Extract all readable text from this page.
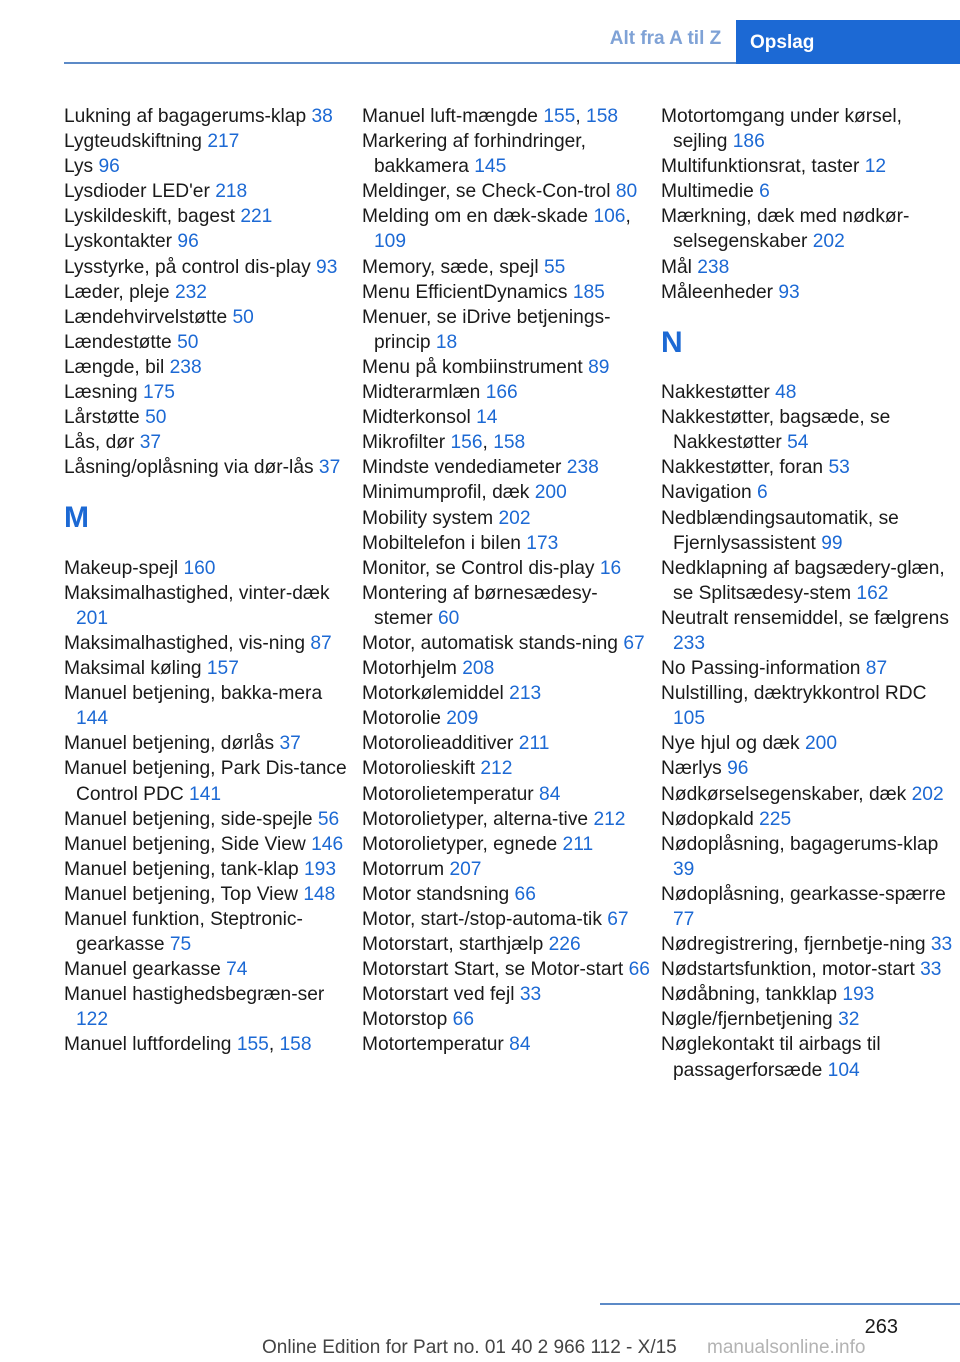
Alt fra A til Z	Opslag
Lukning af bagagerums-klap 38
Lygteudskiftning 217
Lys 96
Lysdioder LED'er 218
Lyskildeskift, bagest 221
Lyskontakter 96
Lysstyrke, på control dis-play 93
Læder, pleje 232
Lændehvirvelstøtte 50
Lændestøtte 50
Længde, bil 238
Læsning 175
Lårstøtte 50
Lås, dør 37
Låsning/oplåsning via dør-lås 37
M
Makeup-spejl 160
Maksimalhastighed, vinter-dæk 201
Maksimalhastighed, vis-ning 87
Maksimal køling 157
Manuel betjening, bakka-mera 144
Manuel betjening, dørlås 37
Manuel betjening, Park Dis-tance Control PDC 141
Manuel betjening, side-spejle 56
Manuel betjening, Side View 146
Manuel betjening, tank-klap 193
Manuel betjening, Top View 148
Manuel funktion, Steptronic-gearkasse 75
Manuel gearkasse 74
Manuel hastighedsbegræn-ser 122
Manuel luftfordeling 155, 158
Manuel luft-mængde 155, 158
Markering af forhindringer, bakkamera 145
Meldinger, se Check-Con-trol 80
Melding om en dæk-skade 106, 109
Memory, sæde, spejl 55
Menu EfficientDynamics 185
Menuer, se iDrive betjenings-princip 18
Menu på kombiinstrument 89
Midterarmlæn 166
Midterkonsol 14
Mikrofilter 156, 158
Mindste vendediameter 238
Minimumprofil, dæk 200
Mobility system 202
Mobiltelefon i bilen 173
Monitor, se Control dis-play 16
Montering af børnesædesy-stemer 60
Motor, automatisk stands-ning 67
Motorhjelm 208
Motorkølemiddel 213
Motorolie 209
Motorolieadditiver 211
Motorolieskift 212
Motorolietemperatur 84
Motorolietyper, alterna-tive 212
Motorolietyper, egnede 211
Motorrum 207
Motor standsning 66
Motor, start-/stop-automa-tik 67
Motorstart, starthjælp 226
Motorstart Start, se Motor-start 66
Motorstart ved fejl 33
Motorstop 66
Motortemperatur 84
Motortomgang under kørsel, sejling 186
Multifunktionsrat, taster 12
Multimedie 6
Mærkning, dæk med nødkør-selsegenskaber 202
Mål 238
Måleenheder 93
N
Nakkestøtter 48
Nakkestøtter, bagsæde, se Nakkestøtter 54
Nakkestøtter, foran 53
Navigation 6
Nedblændingsautomatik, se Fjernlysassistent 99
Nedklapning af bagsædery-glæn, se Splitsædesy-stem 162
Neutralt rensemiddel, se fælgrens 233
No Passing-information 87
Nulstilling, dæktrykkontrol RDC 105
Nye hjul og dæk 200
Nærlys 96
Nødkørselsegenskaber, dæk 202
Nødopkald 225
Nødoplåsning, bagagerums-klap 39
Nødoplåsning, gearkasse-spærre 77
Nødregistrering, fjernbetje-ning 33
Nødstartsfunktion, motor-start 33
Nødåbning, tankklap 193
Nøgle/fjernbetjening 32
Nøglekontakt til airbags til passagerforsæde 104
263
Online Edition for Part no. 01 40 2 966 112 - X/15 manualsonline.info
